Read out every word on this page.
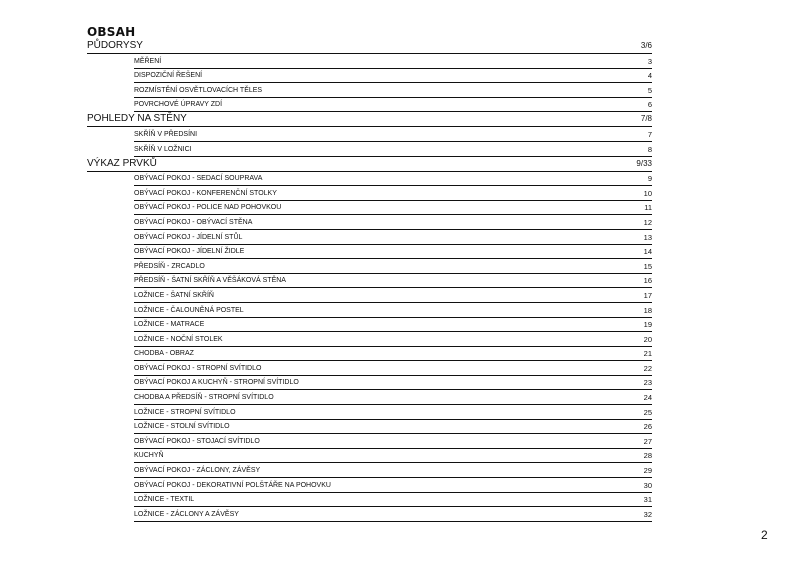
OBSAH
PŮDORYSY	3/6
MĚŘENÍ	3
DISPOZIČNÍ ŘEŠENÍ	4
ROZMÍSTĚNÍ OSVĚTLOVACÍCH TĚLES	5
POVRCHOVÉ ÚPRAVY ZDÍ	6
POHLEDY NA STĚNY	7/8
SKŘÍŇ V PŘEDSÍNI	7
SKŘÍŇ V LOŽNICI	8
VÝKAZ PRVKŮ	9/33
OBÝVACÍ POKOJ - SEDACÍ SOUPRAVA	9
OBÝVACÍ POKOJ - KONFERENČNÍ STOLKY	10
OBÝVACÍ POKOJ - POLICE NAD POHOVKOU	11
OBÝVACÍ POKOJ - OBÝVACÍ STĚNA	12
OBÝVACÍ POKOJ - JÍDELNÍ STŮL	13
OBÝVACÍ POKOJ - JÍDELNÍ ŽIDLE	14
PŘEDSÍŇ - ZRCADLO	15
PŘEDSÍŇ - ŠATNÍ SKŘÍŇ A VĚŠÁKOVÁ STĚNA	16
LOŽNICE - ŠATNÍ SKŘÍŇ	17
LOŽNICE - ČALOUNĚNÁ POSTEL	18
LOŽNICE - MATRACE	19
LOŽNICE - NOČNÍ STOLEK	20
CHODBA - OBRAZ	21
OBÝVACÍ POKOJ - STROPNÍ SVÍTIDLO	22
OBÝVACÍ POKOJ A KUCHYŇ - STROPNÍ SVÍTIDLO	23
CHODBA A PŘEDSÍŇ - STROPNÍ SVÍTIDLO	24
LOŽNICE - STROPNÍ SVÍTIDLO	25
LOŽNICE - STOLNÍ SVÍTIDLO	26
OBÝVACÍ POKOJ - STOJACÍ SVÍTIDLO	27
KUCHYŇ	28
OBÝVACÍ POKOJ - ZÁCLONY, ZÁVĚSY	29
OBÝVACÍ POKOJ - DEKORATIVNÍ POLŠTÁŘE NA POHOVKU	30
LOŽNICE - TEXTIL	31
LOŽNICE - ZÁCLONY A ZÁVĚSY	32
2
